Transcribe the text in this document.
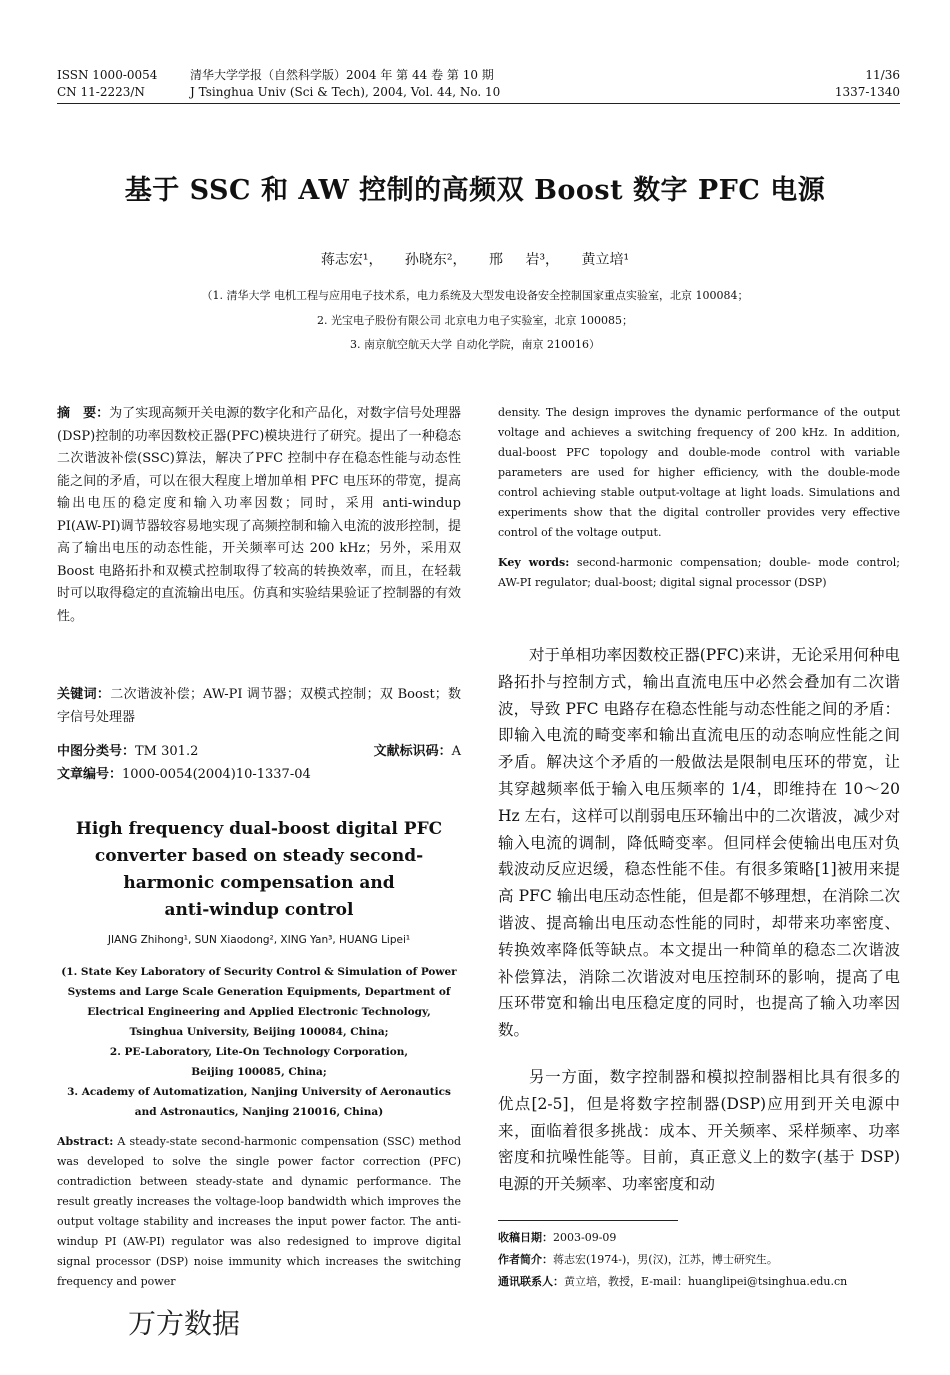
ISSN 1000-0054
CN 11-2223/N
清华大学学报（自然科学版）2004 年 第 44 卷 第 10 期
J Tsinghua Univ (Sci & Tech), 2004, Vol. 44, No. 10
11/36
1337-1340
基于 SSC 和 AW 控制的高频双 Boost 数字 PFC 电源
蒋志宏¹， 孙晓东²， 邢 岩³， 黄立培¹
（1. 清华大学 电机工程与应用电子技术系，电力系统及大型发电设备安全控制国家重点实验室，北京 100084；
2. 光宝电子股份有限公司 北京电力电子实验室，北京 100085；
3. 南京航空航天大学 自动化学院，南京 210016）
摘　要：为了实现高频开关电源的数字化和产品化，对数字信号处理器(DSP)控制的功率因数校正器(PFC)模块进行了研究。提出了一种稳态二次谐波补偿(SSC)算法，解决了PFC 控制中存在稳态性能与动态性能之间的矛盾，可以在很大程度上增加单相 PFC 电压环的带宽，提高输出电压的稳定度和输入功率因数；同时，采用 anti-windup PI(AW-PI)调节器较容易地实现了高频控制和输入电流的波形控制，提高了输出电压的动态性能，开关频率可达 200 kHz；另外，采用双 Boost 电路拓扑和双模式控制取得了较高的转换效率，而且，在轻载时可以取得稳定的直流输出电压。仿真和实验结果验证了控制器的有效性。
关键词：二次谐波补偿；AW-PI 调节器；双模式控制；双 Boost；数字信号处理器
中图分类号：TM 301.2	文献标识码：A
文章编号：1000-0054(2004)10-1337-04
High frequency dual-boost digital PFC
converter based on steady second-
harmonic compensation and
anti-windup control
JIANG Zhihong¹, SUN Xiaodong², XING Yan³, HUANG Lipei¹
(1. State Key Laboratory of Security Control & Simulation of Power
Systems and Large Scale Generation Equipments, Department of
Electrical Engineering and Applied Electronic Technology,
Tsinghua University, Beijing 100084, China;
2. PE-Laboratory, Lite-On Technology Corporation,
Beijing 100085, China;
3. Academy of Automatization, Nanjing University of Aeronautics
and Astronautics, Nanjing 210016, China)
Abstract: A steady-state second-harmonic compensation (SSC) method was developed to solve the single power factor correction (PFC) contradiction between steady-state and dynamic performance. The result greatly increases the voltage-loop bandwidth which improves the output voltage stability and increases the input power factor. The anti-windup PI (AW-PI) regulator was also redesigned to improve digital signal processor (DSP) noise immunity which increases the switching frequency and power
density. The design improves the dynamic performance of the output voltage and achieves a switching frequency of 200 kHz. In addition, dual-boost PFC topology and double-mode control with variable parameters are used for higher efficiency, with the double-mode control achieving stable output-voltage at light loads. Simulations and experiments show that the digital controller provides very effective control of the voltage output.
Key words: second-harmonic compensation; double- mode control; AW-PI regulator; dual-boost; digital signal processor (DSP)
对于单相功率因数校正器(PFC)来讲，无论采用何种电路拓扑与控制方式，输出直流电压中必然会叠加有二次谐波，导致 PFC 电路存在稳态性能与动态性能之间的矛盾：即输入电流的畸变率和输出直流电压的动态响应性能之间矛盾。解决这个矛盾的一般做法是限制电压环的带宽，让其穿越频率低于输入电压频率的 1/4，即维持在 10～20 Hz 左右，这样可以削弱电压环输出中的二次谐波，减少对输入电流的调制，降低畸变率。但同样会使输出电压对负载波动反应迟缓，稳态性能不佳。有很多策略[1]被用来提高 PFC 输出电压动态性能，但是都不够理想，在消除二次谐波、提高输出电压动态性能的同时，却带来功率密度、转换效率降低等缺点。本文提出一种简单的稳态二次谐波补偿算法，消除二次谐波对电压控制环的影响，提高了电压环带宽和输出电压稳定度的同时，也提高了输入功率因数。
另一方面，数字控制器和模拟控制器相比具有很多的优点[2-5]，但是将数字控制器(DSP)应用到开关电源中来，面临着很多挑战：成本、开关频率、采样频率、功率密度和抗噪性能等。目前，真正意义上的数字(基于 DSP)电源的开关频率、功率密度和动
收稿日期：2003-09-09
作者简介：蒋志宏(1974-)，男(汉)，江苏，博士研究生。
通讯联系人：黄立培，教授，E-mail：huanglipei@tsinghua.edu.cn
万方数据
